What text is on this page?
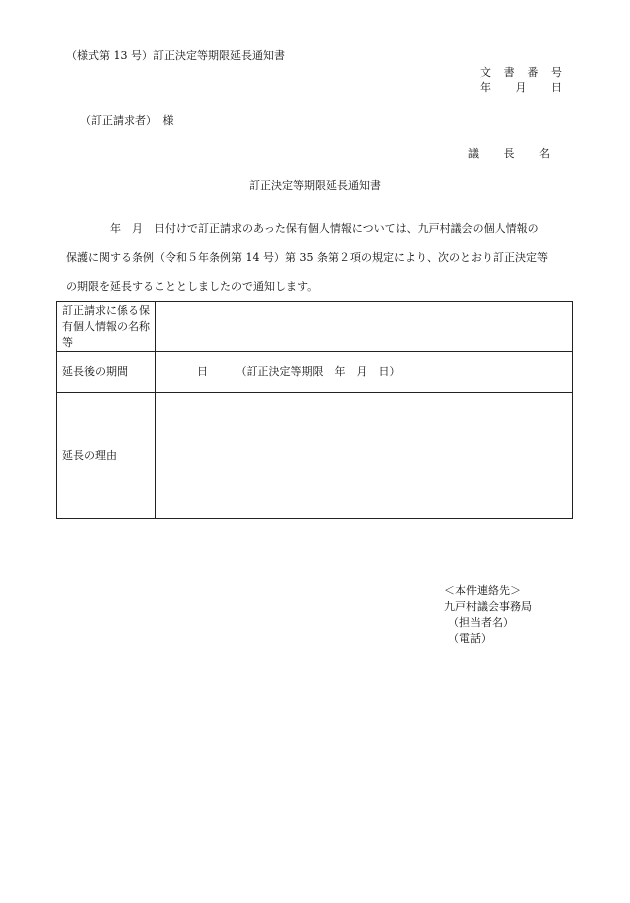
（様式第 13 号）訂正決定等期限延長通知書
文 書 番 号
年 月 日
（訂正請求者）　様
議 長 名
訂正決定等期限延長通知書

年　月　日付けで訂正請求のあった保有個人情報については、九戸村議会の個人情報の

保護に関する条例（令和５年条例第 14 号）第 35 条第２項の規定により、次のとおり訂正決定等

の期限を延長することとしましたので通知します。

訂正請求に係る保有個人情報の名称等	
延長後の期間	日 （訂正決定等期限　年　月　日）
延長の理由	
＜本件連絡先＞
九戸村議会事務局
（担当者名）
（電話）
